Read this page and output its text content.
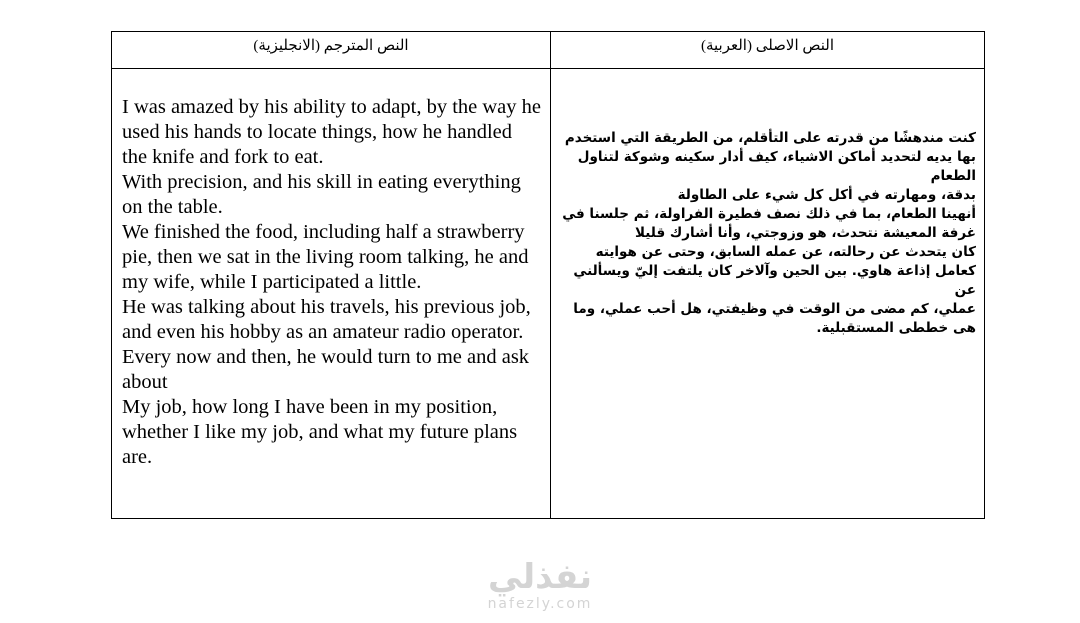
النص المترجم (الانجليزية)	النص الاصلى (العربية)

I was amazed by his ability to adapt, by the way he used his hands to locate things, how he handled the knife and fork to eat.

With precision, and his skill in eating everything on the table.

We finished the food, including half a strawberry pie, then we sat in the living room talking, he and my wife, while I participated a little.

He was talking about his travels, his previous job, and even his hobby as an amateur radio operator. Every now and then, he would turn to me and ask about

My job, how long I have been in my position, whether I like my job, and what my future plans are.

كنت مندهشًا من قدرته على التأقلم، من الطريقة التي استخدم بها يديه لتحديد أماكن الاشياء، كيف أدار سكينه وشوكة لتناول الطعام

بدقة، ومهارته في أكل كل شيء على الطاولة

أنهينا الطعام، بما في ذلك نصف فطيرة الفراولة، ثم جلسنا في غرفة المعيشة نتحدث، هو وزوجتي، وأنا أشارك قليلا

كان يتحدث عن رحالته، عن عمله السابق، وحتى عن هوايته كعامل إذاعة هاوي. بين الحين وآلاخر كان يلتفت إليّ ويسألني عن

عملي، كم مضى من الوقت في وظيفتي، هل أحب عملي، وما هى خططى المستقبلية.

نفذلي
nafezly.com
